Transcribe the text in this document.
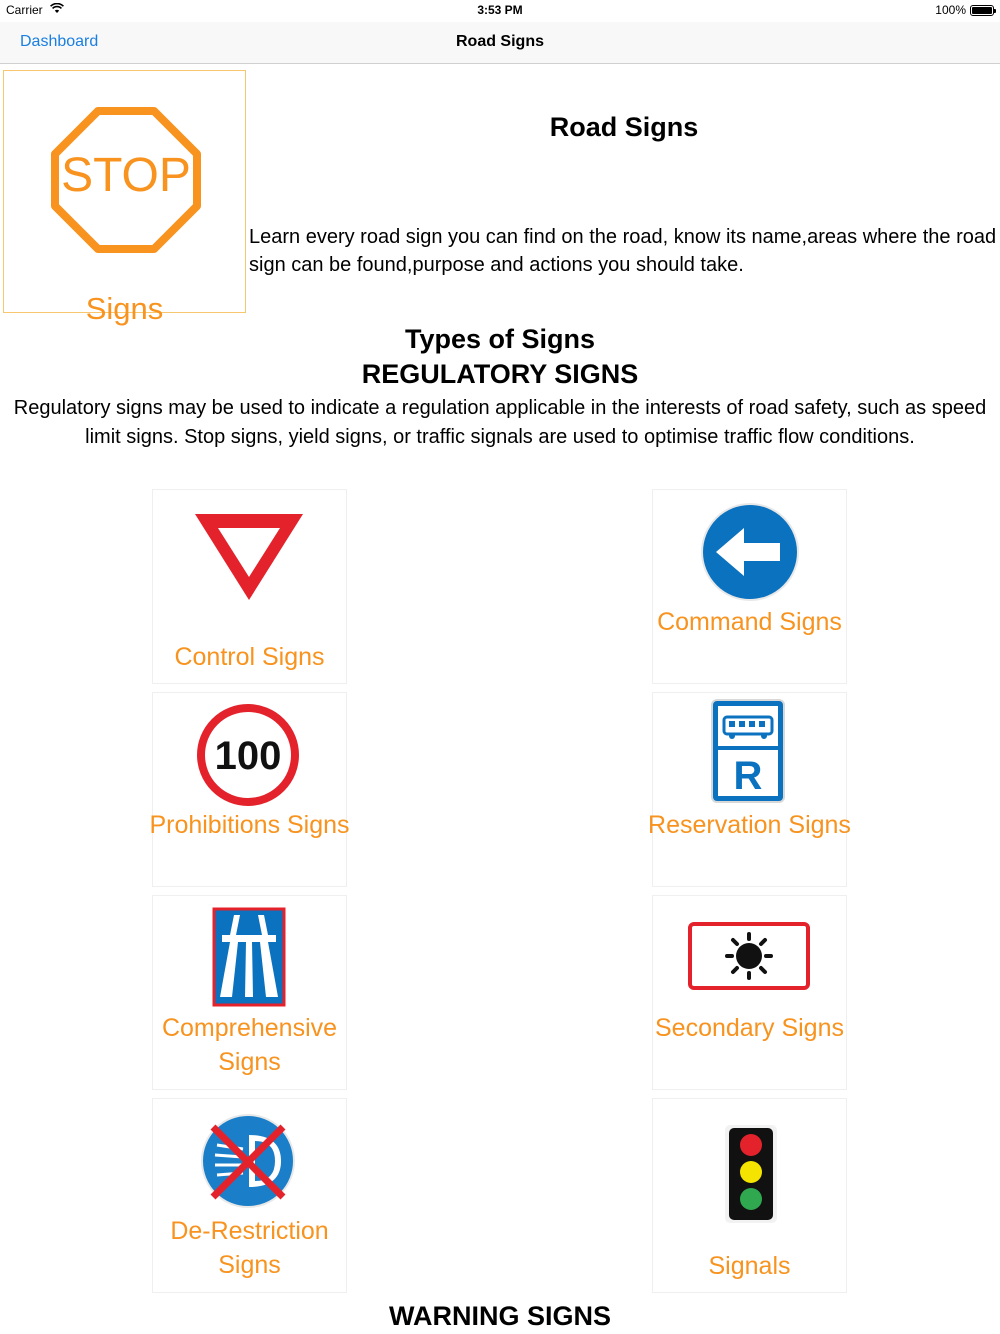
Carrier	3:53 PM	100%
Dashboard	Road Signs
STOP
Signs
Road Signs
Learn every road sign you can find on the road, know its name,areas where the road sign can be found,purpose and actions you should take.
Types of Signs
REGULATORY SIGNS
Regulatory signs may be used to indicate a regulation applicable in the interests of road safety, such as speed limit signs. Stop signs, yield signs, or traffic signals are used to optimise traffic flow conditions.
Control Signs
Command Signs
100
Prohibitions Signs
R
Reservation Signs
Comprehensive Signs
Secondary Signs
De-Restriction Signs	Signals
WARNING SIGNS
